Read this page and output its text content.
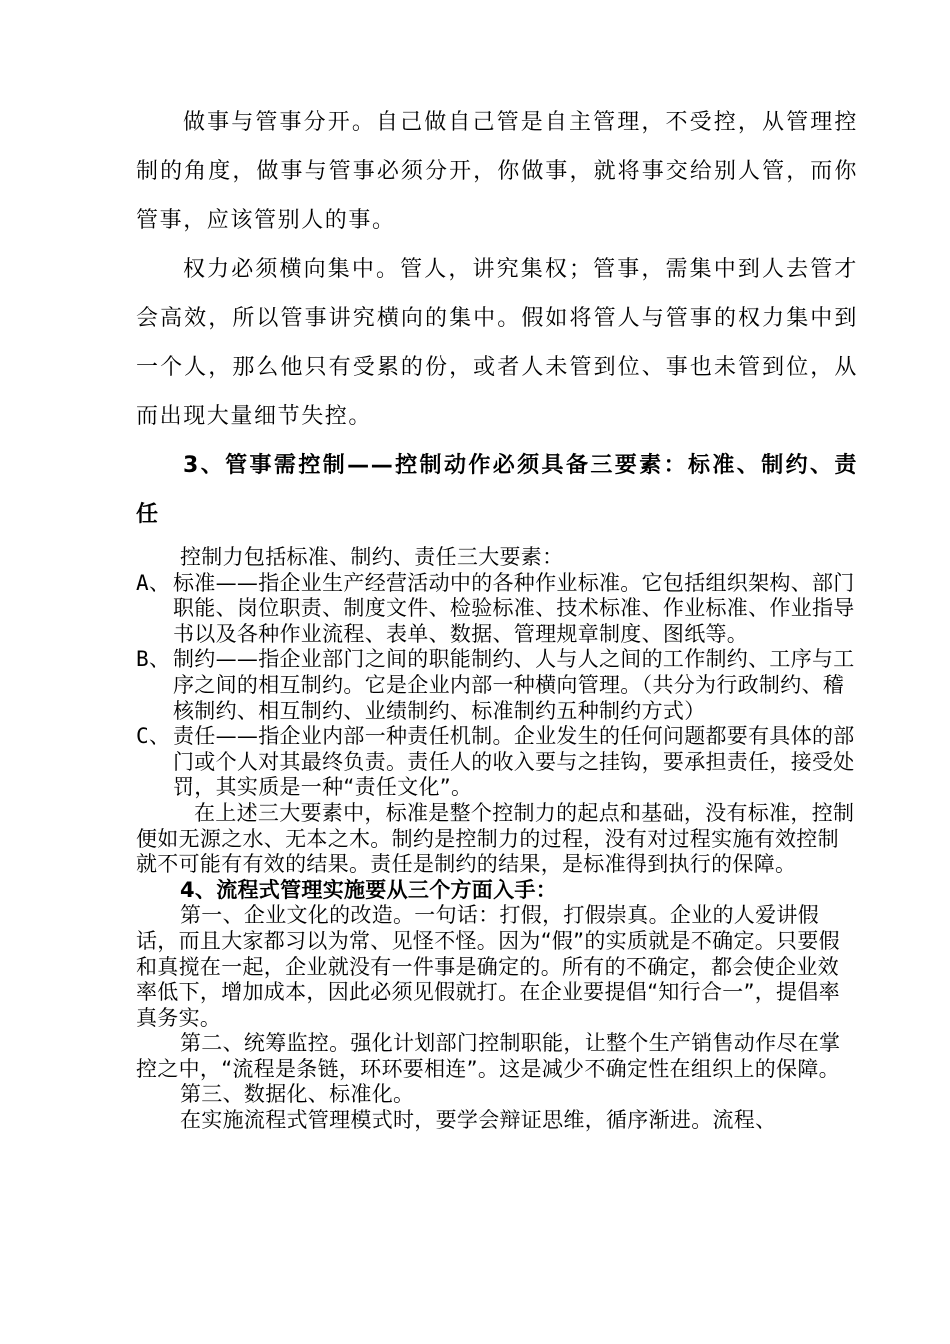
做事与管事分开。自己做自己管是自主管理，不受控，从管理控制的角度，做事与管事必须分开，你做事，就将事交给别人管，而你管事，应该管别人的事。

权力必须横向集中。管人，讲究集权；管事，需集中到人去管才会高效，所以管事讲究横向的集中。假如将管人与管事的权力集中到一个人，那么他只有受累的份，或者人未管到位、事也未管到位，从而出现大量细节失控。

3、管事需控制——控制动作必须具备三要素：标准、制约、责任

控制力包括标准、制约、责任三大要素：

A、 标准——指企业生产经营活动中的各种作业标准。它包括组织架构、部门职能、岗位职责、制度文件、检验标准、技术标准、作业标准、作业指导书以及各种作业流程、表单、数据、管理规章制度、图纸等。
B、 制约——指企业部门之间的职能制约、人与人之间的工作制约、工序与工序之间的相互制约。它是企业内部一种横向管理。（共分为行政制约、稽核制约、相互制约、业绩制约、标准制约五种制约方式）
C、 责任——指企业内部一种责任机制。企业发生的任何问题都要有具体的部门或个人对其最终负责。责任人的收入要与之挂钩，要承担责任，接受处罚，其实质是一种“责任文化”。

在上述三大要素中，标准是整个控制力的起点和基础，没有标准，控制便如无源之水、无本之木。制约是控制力的过程，没有对过程实施有效控制就不可能有有效的结果。责任是制约的结果，是标准得到执行的保障。

4、流程式管理实施要从三个方面入手：

第一、企业文化的改造。一句话：打假，打假崇真。企业的人爱讲假话，而且大家都习以为常、见怪不怪。因为“假”的实质就是不确定。只要假和真搅在一起，企业就没有一件事是确定的。所有的不确定，都会使企业效率低下，增加成本，因此必须见假就打。在企业要提倡“知行合一”，提倡率真务实。

第二、统筹监控。强化计划部门控制职能，让整个生产销售动作尽在掌控之中，“流程是条链，环环要相连”。这是减少不确定性在组织上的保障。

第三、数据化、标准化。

在实施流程式管理模式时，要学会辩证思维，循序渐进。流程、
